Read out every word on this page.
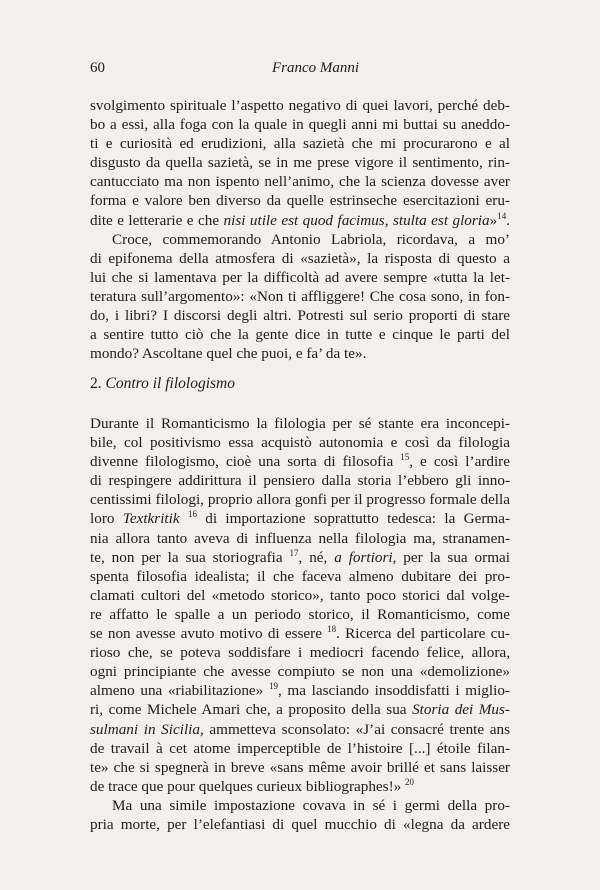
60	Franco Manni
svolgimento spirituale l’aspetto negativo di quei lavori, perché deb-
bo a essi, alla foga con la quale in quegli anni mi buttai su aneddo-
ti e curiosità ed erudizioni, alla sazietà che mi procurarono e al
disgusto da quella sazietà, se in me prese vigore il sentimento, rin-
cantucciato ma non ispento nell’animo, che la scienza dovesse aver
forma e valore ben diverso da quelle estrinseche esercitazioni eru-
dite e letterarie e che nisi utile est quod facimus, stulta est gloria»$^{14}$.
Croce, commemorando Antonio Labriola, ricordava, a mo’
di epifonema della atmosfera di «sazietà», la risposta di questo a
lui che si lamentava per la difficoltà ad avere sempre «tutta la let-
teratura sull’argomento»: «Non ti affliggere! Che cosa sono, in fon-
do, i libri? I discorsi degli altri. Potresti sul serio proporti di stare
a sentire tutto ciò che la gente dice in tutte e cinque le parti del
mondo? Ascoltane quel che puoi, e fa’ da te».
2. Contro il filologismo
Durante il Romanticismo la filologia per sé stante era inconcepi-
bile, col positivismo essa acquistò autonomia e così da filologia
divenne filologismo, cioè una sorta di filosofia $^{15}$, e così l’ardire
di respingere addirittura il pensiero dalla storia l’ebbero gli inno-
centissimi filologi, proprio allora gonfi per il progresso formale della
loro Textkritik $^{16}$ di importazione soprattutto tedesca: la Germa-
nia allora tanto aveva di influenza nella filologia ma, stranamen-
te, non per la sua storiografia $^{17}$, né, a fortiori, per la sua ormai
spenta filosofia idealista; il che faceva almeno dubitare dei pro-
clamati cultori del «metodo storico», tanto poco storici dal volge-
re affatto le spalle a un periodo storico, il Romanticismo, come
se non avesse avuto motivo di essere $^{18}$. Ricerca del particolare cu-
rioso che, se poteva soddisfare i mediocri facendo felice, allora,
ogni principiante che avesse compiuto se non una «demolizione»
almeno una «riabilitazione» $^{19}$, ma lasciando insoddisfatti i miglio-
ri, come Michele Amari che, a proposito della sua Storia dei Mus-
sulmani in Sicilia, ammetteva sconsolato: «J’ai consacré trente ans
de travail à cet atome imperceptible de l’histoire [...] étoile filan-
te» che si spegnerà in breve «sans même avoir brillé et sans laisser
de trace que pour quelques curieux bibliographes!» $^{20}$
Ma una simile impostazione covava in sé i germi della pro-
pria morte, per l’elefantiasi di quel mucchio di «legna da ardere
